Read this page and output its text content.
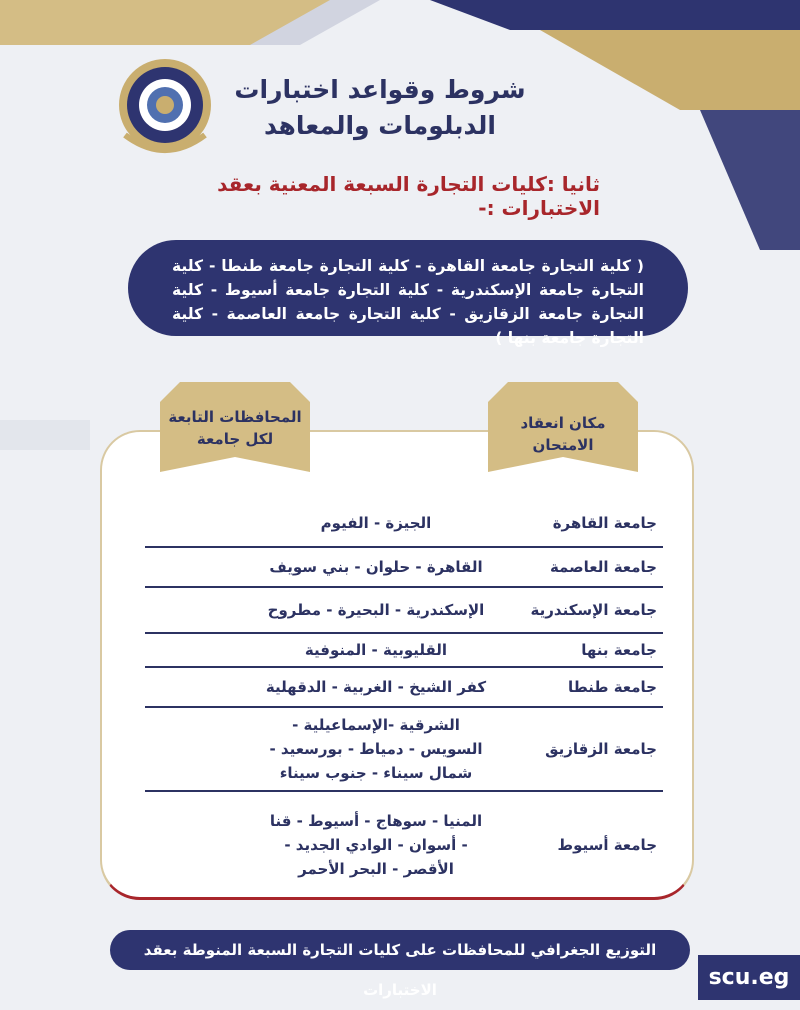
شروط وقواعد اختبارات
الدبلومات والمعاهد
ثانيا :كليات التجارة السبعة المعنية بعقد الاختبارات :-
( كلية التجارة جامعة القاهرة - كلية التجارة جامعة طنطا - كلية التجارة جامعة الإسكندرية - كلية التجارة جامعة أسيوط - كلية التجارة جامعة الزقازيق - كلية التجارة جامعة العاصمة - كلية التجارة جامعة بنها )
مكان انعقاد الامتحان
المحافظات التابعة لكل جامعة
جامعة القاهرة
الجيزة - الفيوم
جامعة العاصمة
القاهرة - حلوان - بني سويف
جامعة الإسكندرية
الإسكندرية - البحيرة - مطروح
جامعة بنها
القليوبية - المنوفية
جامعة طنطا
كفر الشيخ - الغربية - الدقهلية
جامعة الزقازيق
الشرقية -الإسماعيلية - السويس - دمياط - بورسعيد - شمال سيناء - جنوب سيناء
جامعة أسيوط
المنيا - سوهاج - أسيوط - قنا - أسوان - الوادي الجديد - الأقصر - البحر الأحمر
التوزيع الجغرافي للمحافظات على كليات التجارة السبعة المنوطة بعقد الاختبارات	scu.eg
